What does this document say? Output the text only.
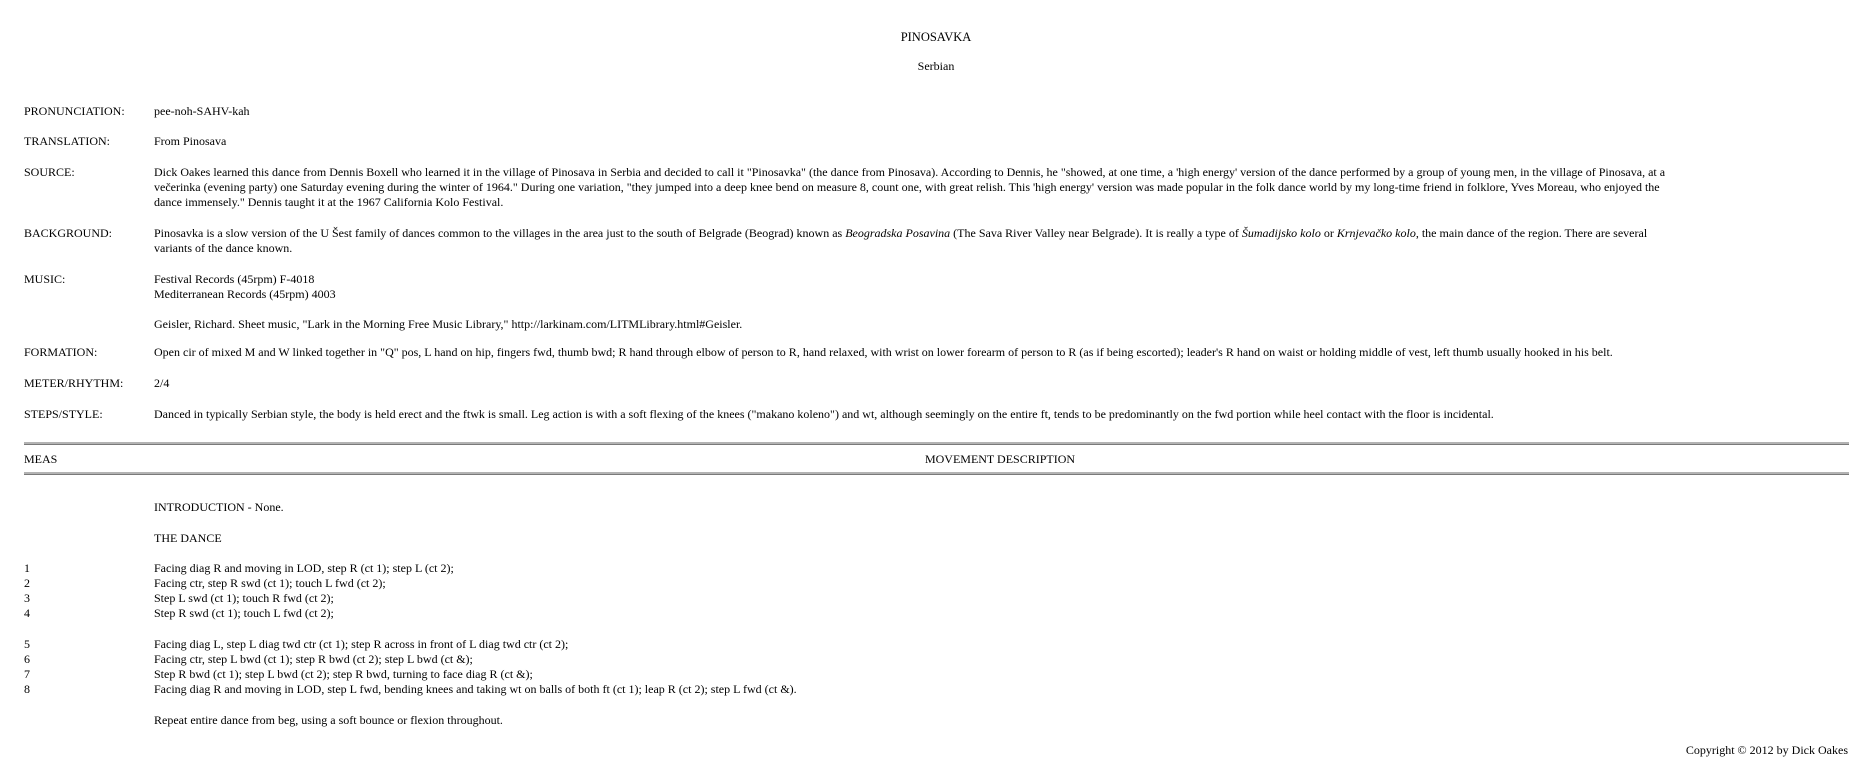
PINOSAVKA
Serbian
PRONUNCIATION:	pee-noh-SAHV-kah
TRANSLATION:	From Pinosava
SOURCE:	Dick Oakes learned this dance from Dennis Boxell who learned it in the village of Pinosava in Serbia and decided to call it "Pinosavka" (the dance from Pinosava). According to Dennis, he "showed, at one time, a 'high energy' version of the dance performed by a group of young men, in the village of Pinosava, at a

večerinka (evening party) one Saturday evening during the winter of 1964." During one variation, "they jumped into a deep knee bend on measure 8, count one, with great relish. This 'high energy' version was made popular in the folk dance world by my long-time friend in folklore, Yves Moreau, who enjoyed the

dance immensely." Dennis taught it at the 1967 California Kolo Festival.

BACKGROUND:	Pinosavka is a slow version of the U Šest family of dances common to the villages in the area just to the south of Belgrade (Beograd) known as Beogradska Posavina (The Sava River Valley near Belgrade). It is really a type of Šumadijsko kolo or Krnjevačko kolo, the main dance of the region. There are several

variants of the dance known.

MUSIC:	Festival Records (45rpm) F-4018

Mediterranean Records (45rpm) 4003

Geisler, Richard. Sheet music, "Lark in the Morning Free Music Library," http://larkinam.com/LITMLibrary.html#Geisler.

FORMATION:	Open cir of mixed M and W linked together in "Q" pos, L hand on hip, fingers fwd, thumb bwd; R hand through elbow of person to R, hand relaxed, with wrist on lower forearm of person to R (as if being escorted); leader's R hand on waist or holding middle of vest, left thumb usually hooked in his belt.
METER/RHYTHM:	2/4
STEPS/STYLE:	Danced in typically Serbian style, the body is held erect and the ftwk is small. Leg action is with a soft flexing of the knees ("makano koleno") and wt, although seemingly on the entire ft, tends to be predominantly on the fwd portion while heel contact with the floor is incidental.
MEAS	MOVEMENT DESCRIPTION
INTRODUCTION - None.
THE DANCE
1	Facing diag R and moving in LOD, step R (ct 1); step L (ct 2);
2	Facing ctr, step R swd (ct 1); touch L fwd (ct 2);
3	Step L swd (ct 1); touch R fwd (ct 2);
4	Step R swd (ct 1); touch L fwd (ct 2);
5	Facing diag L, step L diag twd ctr (ct 1); step R across in front of L diag twd ctr (ct 2);
6	Facing ctr, step L bwd (ct 1); step R bwd (ct 2); step L bwd (ct &);
7	Step R bwd (ct 1); step L bwd (ct 2); step R bwd, turning to face diag R (ct &);
8	Facing diag R and moving in LOD, step L fwd, bending knees and taking wt on balls of both ft (ct 1); leap R (ct 2); step L fwd (ct &).
Repeat entire dance from beg, using a soft bounce or flexion throughout.
Copyright © 2012 by Dick Oakes
